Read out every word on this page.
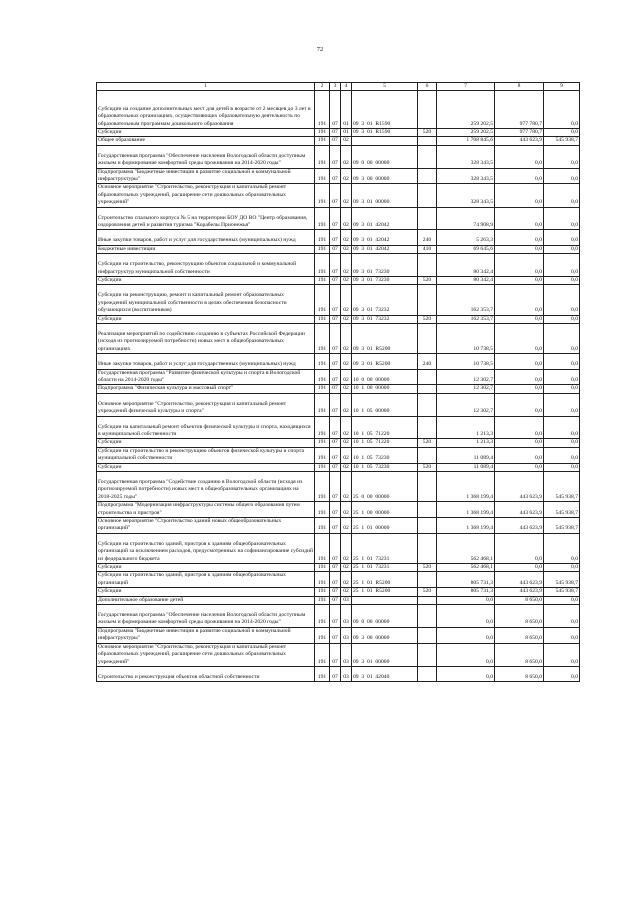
72
1	2	3	4	5	6	7	8	9
Субсидии на создание дополнительных мест для детей в возрасте от 2 месяцев до 3 лет в образовательных организациях, осуществляющих образовательную деятельность по образовательным программам дошкольного образования	191	07	01	09  3  01  R1590		259 202,5	977 780,7	0,0
Субсидии	191	07	01	09  3  01  R1590	520	259 202,5	977 780,7	0,0
Общее образование	191	07	02			1 708 845,6	443 623,9	545 938,7
Государственная программа "Обеспечение населения Вологодской области доступным жильем и формирование комфортной среды проживания на 2014-2020 годы"	191	07	02	09  0  00  00000		328 343,5	0,0	0,0
Подпрограмма "Бюджетные инвестиции в развитие социальной и коммунальной инфраструктуры"	191	07	02	09  3  00  00000		328 343,5	0,0	0,0
Основное мероприятие "Строительство, реконструкция и капитальный ремонт образовательных учреждений, расширение сети дошкольных образовательных учреждений"	191	07	02	09  3  01  00000		328 343,5	0,0	0,0
Строительство спального корпуса № 5 на территории БОУ ДО ВО "Центр образования, оздоровления детей и развития туризма "Корабелы Прионежья"	191	07	02	09  3  01  42042		74 908,9	0,0	0,0
Иные закупки товаров, работ и услуг для государственных (муниципальных) нужд	191	07	02	09  3  01  42042	240	5 263,3	0,0	0,0
Бюджетные инвестиции	191	07	02	09  3  01  42042	410	69 645,6	0,0	0,0
Субсидии на строительство, реконструкцию объектов социальной и коммунальной инфраструктур муниципальной собственности	191	07	02	09  3  01  73230		80 342,4	0,0	0,0
Субсидии	191	07	02	09  3  01  73230	520	80 342,4	0,0	0,0
Субсидии на реконструкцию, ремонт и капитальный ремонт образовательных учреждений муниципальной собственности в целях обеспечения безопасности обучающихся (воспитанников)	191	07	02	09  3  01  73232		162 353,7	0,0	0,0
Субсидии	191	07	02	09  3  01  73232	520	162 353,7	0,0	0,0
Реализация мероприятий по содействию созданию в субъектах Российской Федерации (исходя из прогнозируемой потребности) новых мест в общеобразовательных организациях	191	07	02	09  3  01  R5200		10 738,5	0,0	0,0
Иные закупки товаров, работ и услуг для государственных (муниципальных) нужд	191	07	02	09  3  01  R5200	240	10 738,5	0,0	0,0
Государственная программа "Развитие физической культуры и спорта в Вологодской области на 2014-2020 годы"	191	07	02	10  0  00  00000		12 302,7	0,0	0,0
Подпрограмма "Физическая культура и массовый спорт"	191	07	02	10  1  00  00000		12 302,7	0,0	0,0
Основное мероприятие "Строительство, реконструкция и капитальный ремонт учреждений физической культуры и спорта"	191	07	02	10  1  05  00000		12 302,7	0,0	0,0
Субсидии на капитальный ремонт объектов физической культуры и спорта, находящихся в муниципальной собственности	191	07	02	10  1  05  71220		1 213,3	0,0	0,0
Субсидии	191	07	02	10  1  05  71220	520	1 213,3	0,0	0,0
Субсидии на строительство и реконструкцию объектов физической культуры и спорта муниципальной собственности	191	07	02	10  1  05  73230		11 089,4	0,0	0,0
Субсидии	191	07	02	10  1  05  73230	520	11 089,4	0,0	0,0
Государственная программа "Содействие созданию в Вологодской области (исходя из прогнозируемой потребности) новых мест в общеобразовательных организациях на 2018-2025 годы"	191	07	02	25  0  00  00000		1 368 199,4	443 623,9	545 938,7
Подпрограмма "Модернизация инфраструктуры системы общего образования путем строительства и пристроя"	191	07	02	25  1  00  00000		1 368 199,4	443 623,9	545 938,7
Основное мероприятие "Строительство зданий новых общеобразовательных организаций"	191	07	02	25  1  01  00000		1 368 199,4	443 623,9	545 938,7
Субсидии на строительство зданий, пристроя к зданиям общеобразовательных организаций за исключением расходов, предусмотренных на софинансирование субсидий из федерального бюджета	191	07	02	25  1  01  73231		562 468,1	0,0	0,0
Субсидии	191	07	02	25  1  01  73231	520	562 468,1	0,0	0,0
Субсидии на строительство зданий, пристроя к зданиям общеобразовательных организаций	191	07	02	25  1  01  R5200		805 731,3	443 623,9	545 938,7
Субсидии	191	07	02	25  1  01  R5200	520	805 731,3	443 623,9	545 938,7
Дополнительное образование детей	191	07	03			0,0	8 650,0	0,0
Государственная программа "Обеспечение населения Вологодской области доступным жильем и формирование комфортной среды проживания на 2014-2020 годы"	191	07	03	09  0  00  00000		0,0	8 650,0	0,0
Подпрограмма "Бюджетные инвестиции в развитие социальной и коммунальной инфраструктуры"	191	07	03	09  3  00  00000		0,0	8 650,0	0,0
Основное мероприятие "Строительство, реконструкция и капитальный ремонт образовательных учреждений, расширение сети дошкольных образовательных учреждений"	191	07	03	09  3  01  00000		0,0	8 650,0	0,0
Строительство и реконструкция объектов областной собственности	191	07	03	09  3  01  42040		0,0	8 650,0	0,0
